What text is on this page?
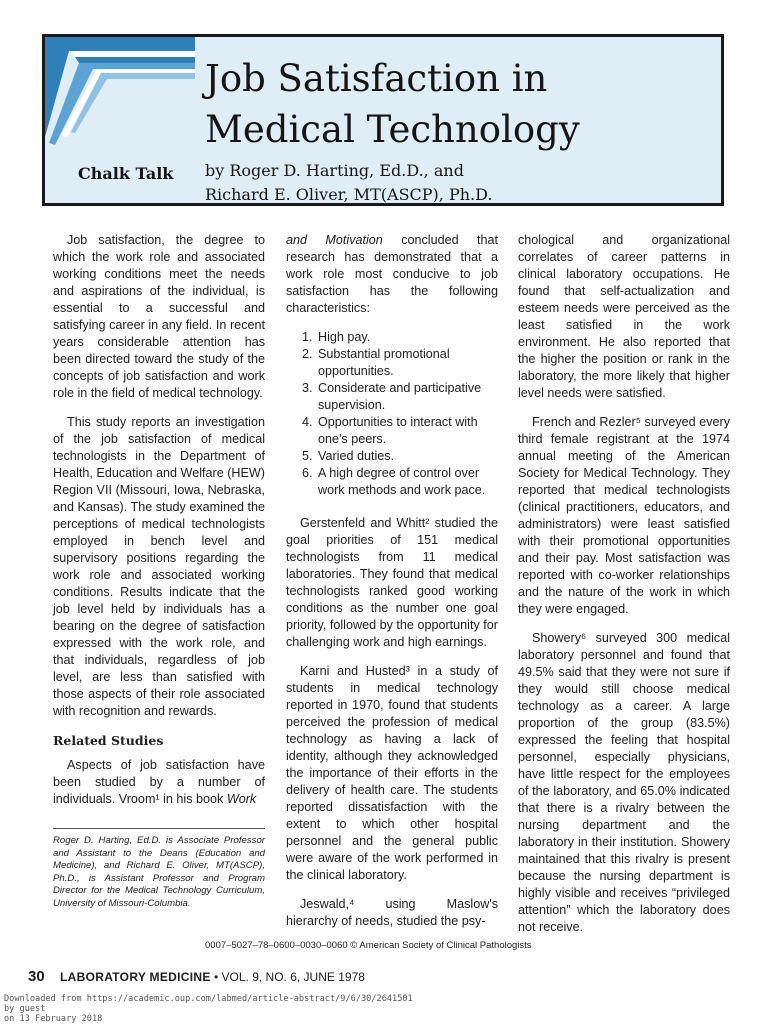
Job Satisfaction in
Medical Technology
Chalk Talk by Roger D. Harting, Ed.D., and
Richard E. Oliver, MT(ASCP), Ph.D.

Job satisfaction, the degree to which the work role and associated working conditions meet the needs and aspirations of the individual, is essential to a successful and satisfying career in any field. In recent years considerable attention has been directed toward the study of the concepts of job satisfaction and work role in the field of medical technology.

This study reports an investigation of the job satisfaction of medical technologists in the Department of Health, Education and Welfare (HEW) Region VII (Missouri, Iowa, Nebraska, and Kansas). The study examined the perceptions of medical technologists employed in bench level and supervisory positions regarding the work role and associated working conditions. Results indicate that the job level held by individuals has a bearing on the degree of satisfaction expressed with the work role, and that individuals, regardless of job level, are less than satisfied with those aspects of their role associated with recognition and rewards.

Related Studies

Aspects of job satisfaction have been studied by a number of individuals. Vroom¹ in his book Work

Roger D. Harting, Ed.D. is Associate Professor and Assistant to the Deans (Education and Medicine), and Richard E. Oliver, MT(ASCP), Ph.D., is Assistant Professor and Program Director for the Medical Technology Curriculum, University of Missouri-Columbia.

and Motivation concluded that research has demonstrated that a work role most conducive to job satisfaction has the following characteristics:

1. High pay.
2. Substantial promotional opportunities.
3. Considerate and participative supervision.
4. Opportunities to interact with one's peers.
5. Varied duties.
6. A high degree of control over work methods and work pace.

Gerstenfeld and Whitt² studied the goal priorities of 151 medical technologists from 11 medical laboratories. They found that medical technologists ranked good working conditions as the number one goal priority, followed by the opportunity for challenging work and high earnings.

Karni and Husted³ in a study of students in medical technology reported in 1970, found that students perceived the profession of medical technology as having a lack of identity, although they acknowledged the importance of their efforts in the delivery of health care. The students reported dissatisfaction with the extent to which other hospital personnel and the general public were aware of the work performed in the clinical laboratory.

Jeswald,⁴ using Maslow's hierarchy of needs, studied the psy-

chological and organizational correlates of career patterns in clinical laboratory occupations. He found that self-actualization and esteem needs were perceived as the least satisfied in the work environment. He also reported that the higher the position or rank in the laboratory, the more likely that higher level needs were satisfied.

French and Rezler⁵ surveyed every third female registrant at the 1974 annual meeting of the American Society for Medical Technology. They reported that medical technologists (clinical practitioners, educators, and administrators) were least satisfied with their promotional opportunities and their pay. Most satisfaction was reported with co-worker relationships and the nature of the work in which they were engaged.

Showery⁶ surveyed 300 medical laboratory personnel and found that 49.5% said that they were not sure if they would still choose medical technology as a career. A large proportion of the group (83.5%) expressed the feeling that hospital personnel, especially physicians, have little respect for the employees of the laboratory, and 65.0% indicated that there is a rivalry between the nursing department and the laboratory in their institution. Showery maintained that this rivalry is present because the nursing department is highly visible and receives “privileged attention” which the laboratory does not receive.

0007–5027–78–0600–0030–0060 © American Society of Clinical Pathologists
30 LABORATORY MEDICINE • VOL. 9, NO. 6, JUNE 1978
Downloaded from https://academic.oup.com/labmed/article-abstract/9/6/30/2641501
by guest
on 13 February 2018
